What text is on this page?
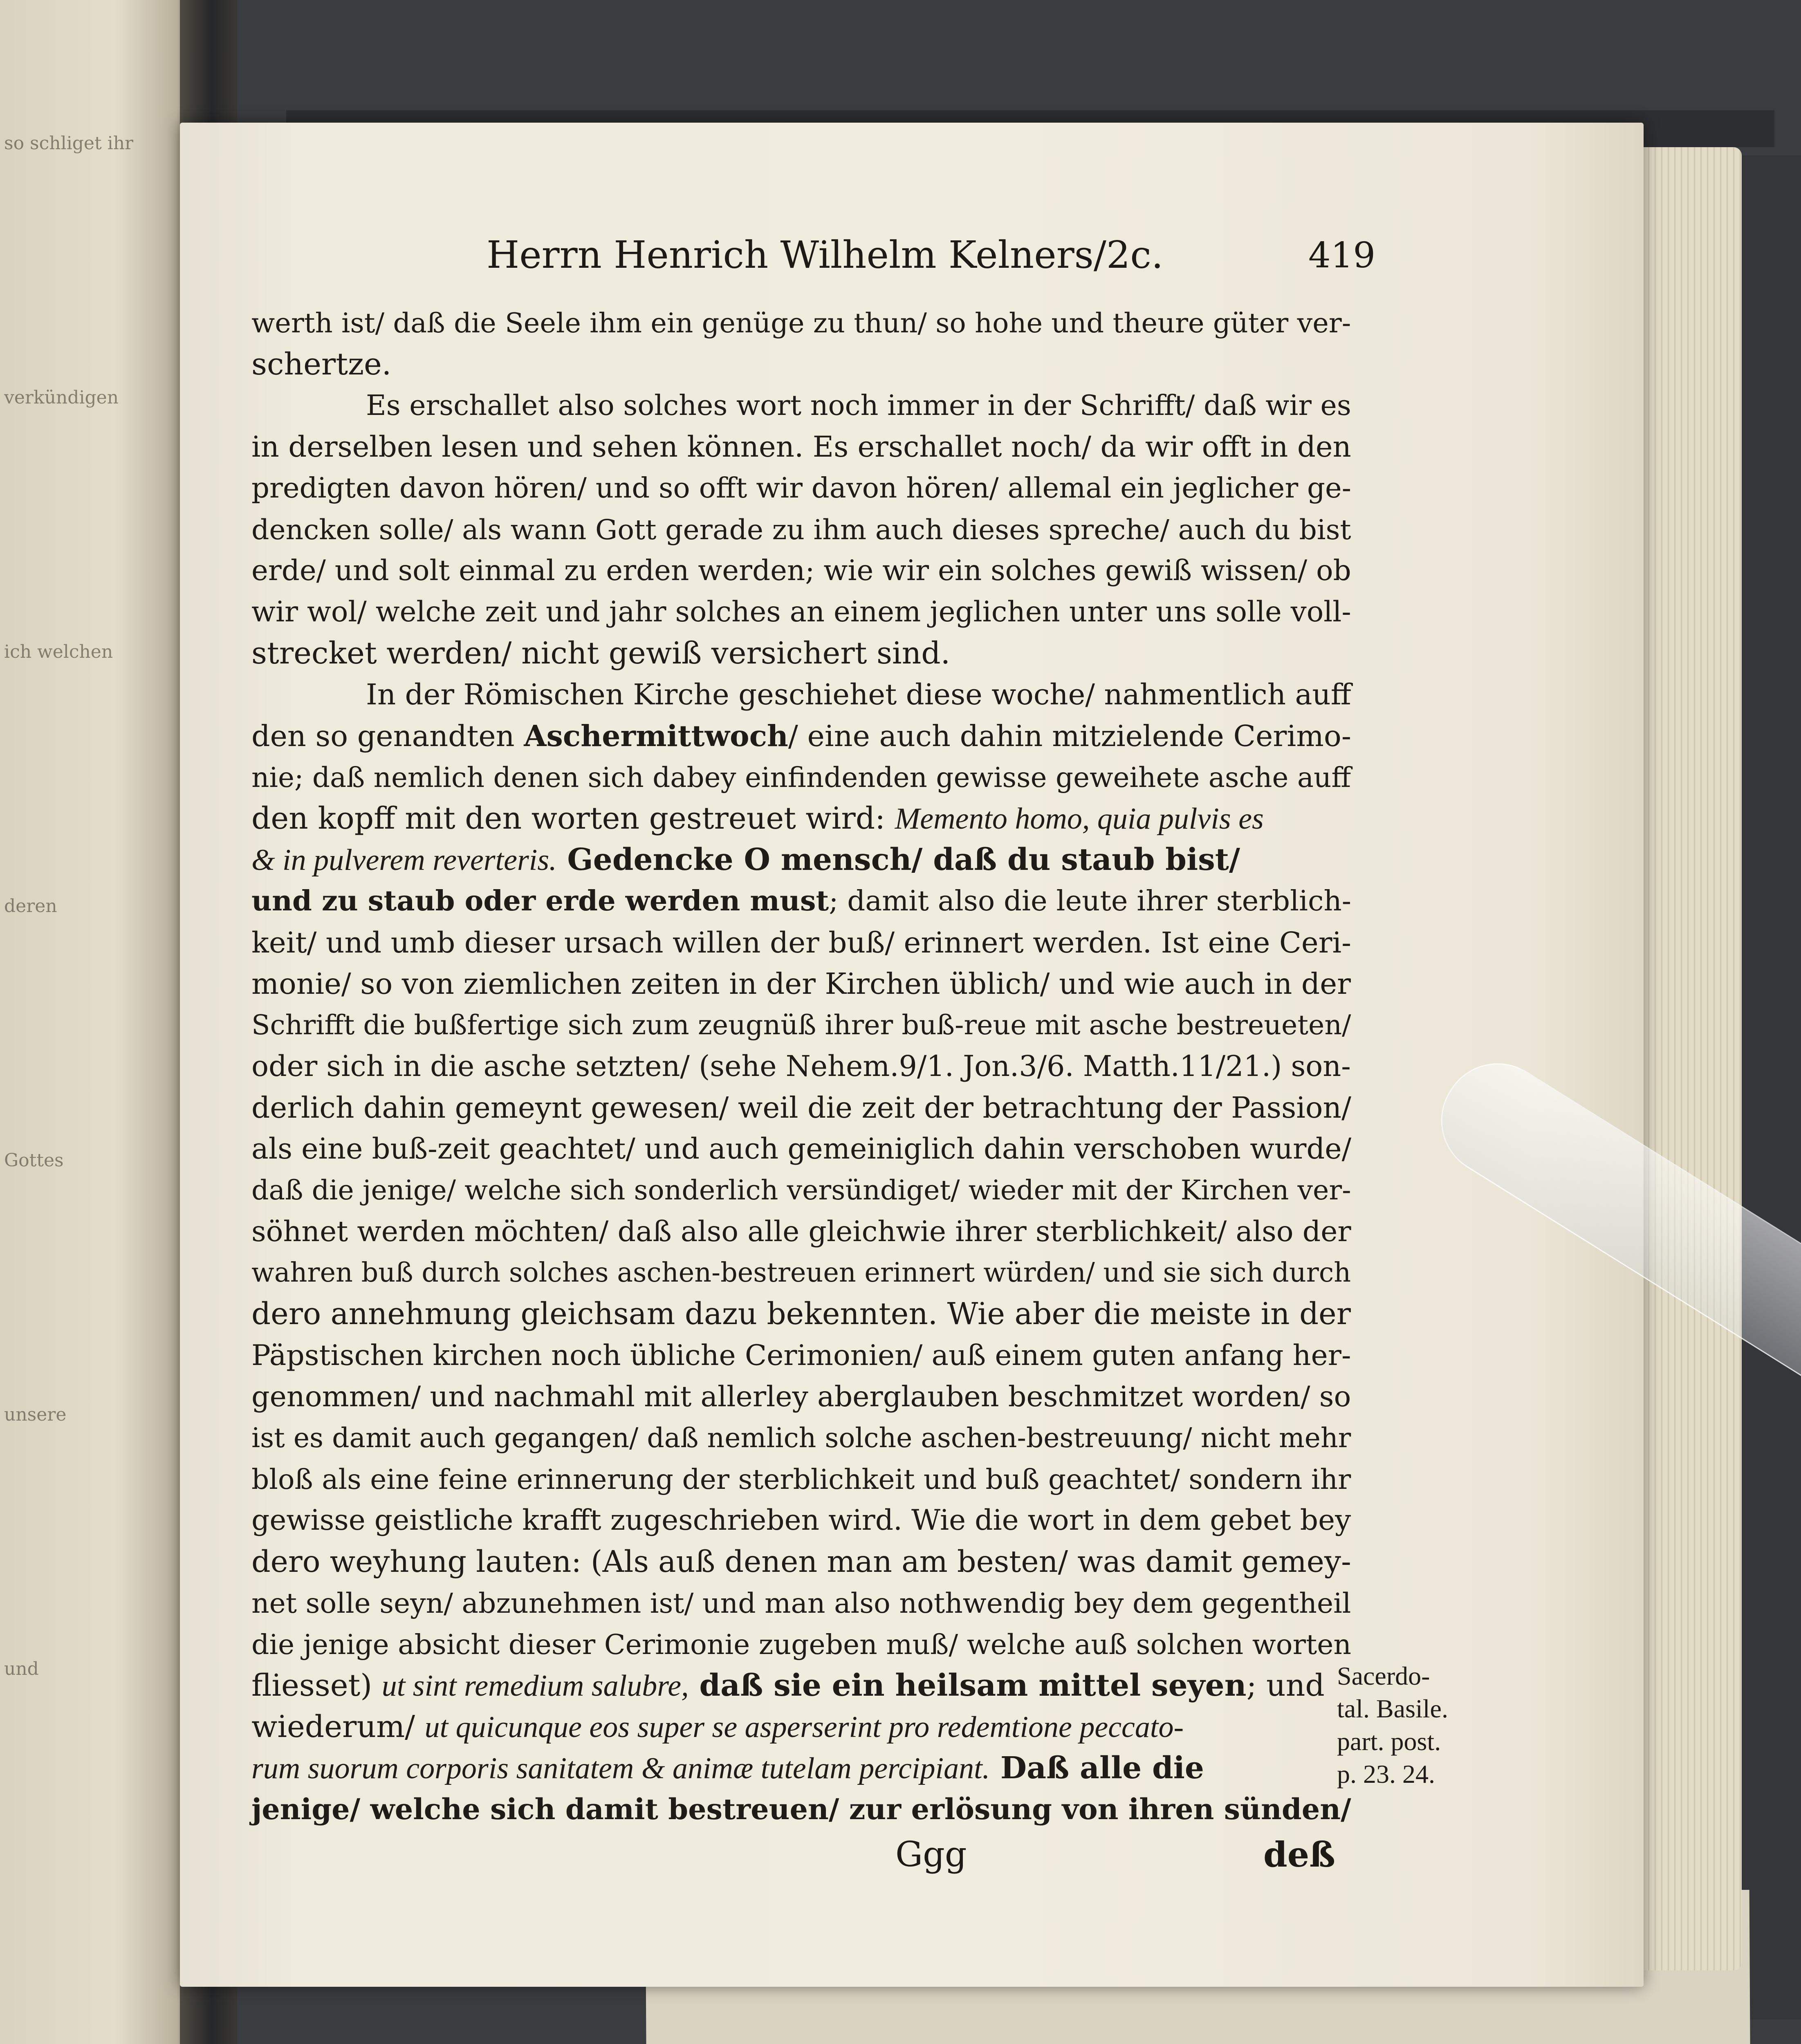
so schliget ihr
verkündigen
ich welchen
deren
Gottes
unsere
und
Herrn Henrich Wilhelm Kelners/2c.	419
werth ist/ daß die Seele ihm ein genüge zu thun/ so hohe und theure güter ver-
schertze.
Es erschallet also solches wort noch immer in der Schrifft/ daß wir es
in derselben lesen und sehen können. Es erschallet noch/ da wir offt in den
predigten davon hören/ und so offt wir davon hören/ allemal ein jeglicher ge-
dencken solle/ als wann Gott gerade zu ihm auch dieses spreche/ auch du bist
erde/ und solt einmal zu erden werden; wie wir ein solches gewiß wissen/ ob
wir wol/ welche zeit und jahr solches an einem jeglichen unter uns solle voll-
strecket werden/ nicht gewiß versichert sind.
In der Römischen Kirche geschiehet diese woche/ nahmentlich auff
den so genandten Aschermittwoch/ eine auch dahin mitzielende Cerimo-
nie; daß nemlich denen sich dabey einfindenden gewisse geweihete asche auff
den kopff mit den worten gestreuet wird: Memento homo, quia pulvis es
& in pulverem reverteris. Gedencke O mensch/ daß du staub bist/
und zu staub oder erde werden must; damit also die leute ihrer sterblich-
keit/ und umb dieser ursach willen der buß/ erinnert werden. Ist eine Ceri-
monie/ so von ziemlichen zeiten in der Kirchen üblich/ und wie auch in der
Schrifft die bußfertige sich zum zeugnüß ihrer buß-reue mit asche bestreueten/
oder sich in die asche setzten/ (sehe Nehem.9/1. Jon.3/6. Matth.11/21.) son-
derlich dahin gemeynt gewesen/ weil die zeit der betrachtung der Passion/
als eine buß-zeit geachtet/ und auch gemeiniglich dahin verschoben wurde/
daß die jenige/ welche sich sonderlich versündiget/ wieder mit der Kirchen ver-
söhnet werden möchten/ daß also alle gleichwie ihrer sterblichkeit/ also der
wahren buß durch solches aschen-bestreuen erinnert würden/ und sie sich durch
dero annehmung gleichsam dazu bekennten. Wie aber die meiste in der
Päpstischen kirchen noch übliche Cerimonien/ auß einem guten anfang her-
genommen/ und nachmahl mit allerley aberglauben beschmitzet worden/ so
ist es damit auch gegangen/ daß nemlich solche aschen-bestreuung/ nicht mehr
bloß als eine feine erinnerung der sterblichkeit und buß geachtet/ sondern ihr
gewisse geistliche krafft zugeschrieben wird. Wie die wort in dem gebet bey
dero weyhung lauten: (Als auß denen man am besten/ was damit gemey-
net solle seyn/ abzunehmen ist/ und man also nothwendig bey dem gegentheil
die jenige absicht dieser Cerimonie zugeben muß/ welche auß solchen worten
fliesset) ut sint remedium salubre, daß sie ein heilsam mittel seyen; und
wiederum/ ut quicunque eos super se asperserint pro redemtione peccato-
rum suorum corporis sanitatem & animæ tutelam percipiant. Daß alle die
jenige/ welche sich damit bestreuen/ zur erlösung von ihren sünden/
Sacerdo-
tal. Basile.
part. post.
p. 23. 24.
Ggg	deß
